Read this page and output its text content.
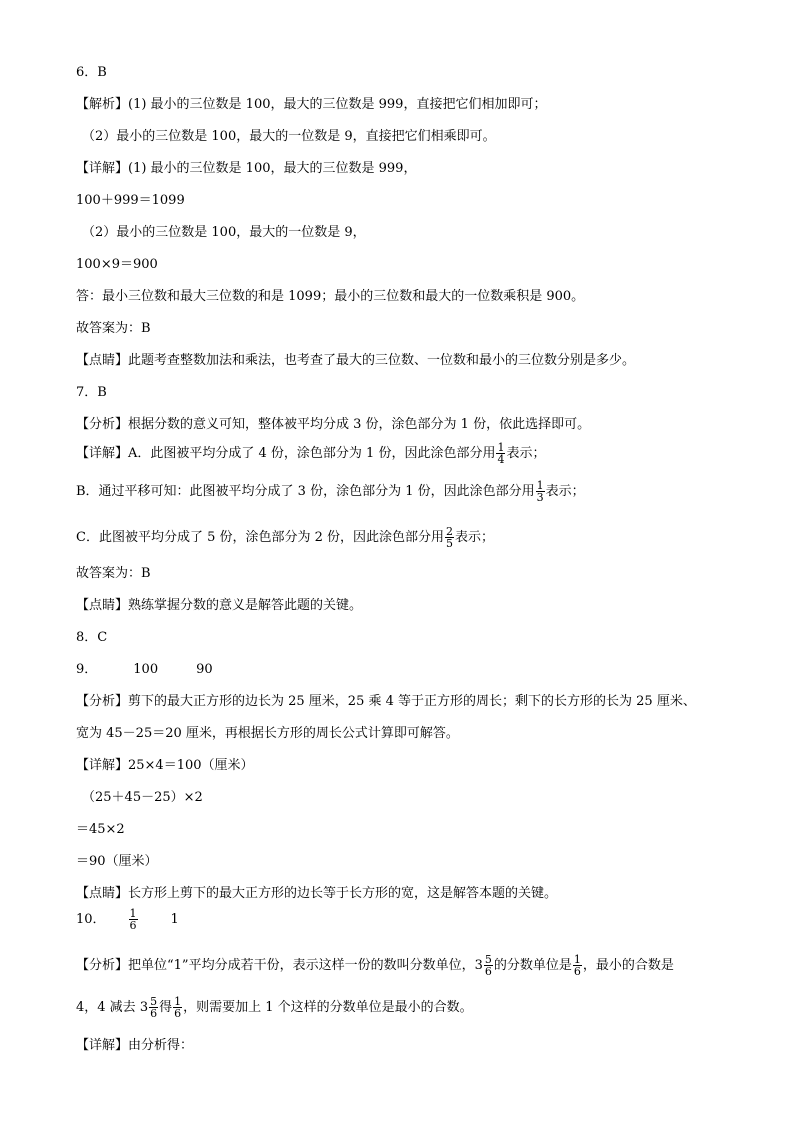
6．B
【解析】(1) 最小的三位数是 100，最大的三位数是 999，直接把它们相加即可；
（2）最小的三位数是 100，最大的一位数是 9，直接把它们相乘即可。
【详解】(1) 最小的三位数是 100，最大的三位数是 999，
100＋999＝1099
（2）最小的三位数是 100，最大的一位数是 9，
100×9＝900
答：最小三位数和最大三位数的和是 1099；最小的三位数和最大的一位数乘积是 900。
故答案为：B
【点睛】此题考查整数加法和乘法，也考查了最大的三位数、一位数和最小的三位数分别是多少。
7．B
【分析】根据分数的意义可知，整体被平均分成 3 份，涂色部分为 1 份，依此选择即可。
【详解】A．此图被平均分成了 4 份，涂色部分为 1 份，因此涂色部分用 $\frac{1}{4}$ 表示；
B．通过平移可知：此图被平均分成了 3 份，涂色部分为 1 份，因此涂色部分用 $\frac{1}{3}$ 表示；
C．此图被平均分成了 5 份，涂色部分为 2 份，因此涂色部分用 $\frac{2}{5}$ 表示；
故答案为：B
【点睛】熟练掌握分数的意义是解答此题的关键。
8．C
9．	100	90
【分析】剪下的最大正方形的边长为 25 厘米，25 乘 4 等于正方形的周长；剩下的长方形的长为 25 厘米、
宽为 45－25＝20 厘米，再根据长方形的周长公式计算即可解答。
【详解】25×4＝100（厘米）
（25＋45－25）×2
＝45×2
＝90（厘米）
【点睛】长方形上剪下的最大正方形的边长等于长方形的宽，这是解答本题的关键。
10． $\frac{1}{6}$	1
【分析】把单位“1”平均分成若干份，表示这样一份的数叫分数单位，$3 \frac{5}{6}$ 的分数单位是 $\frac{1}{6}$ ，最小的合数是
4，4 减去 $3 \frac{5}{6}$ 得 $\frac{1}{6}$ ，则需要加上 1 个这样的分数单位是最小的合数。
【详解】由分析得：
